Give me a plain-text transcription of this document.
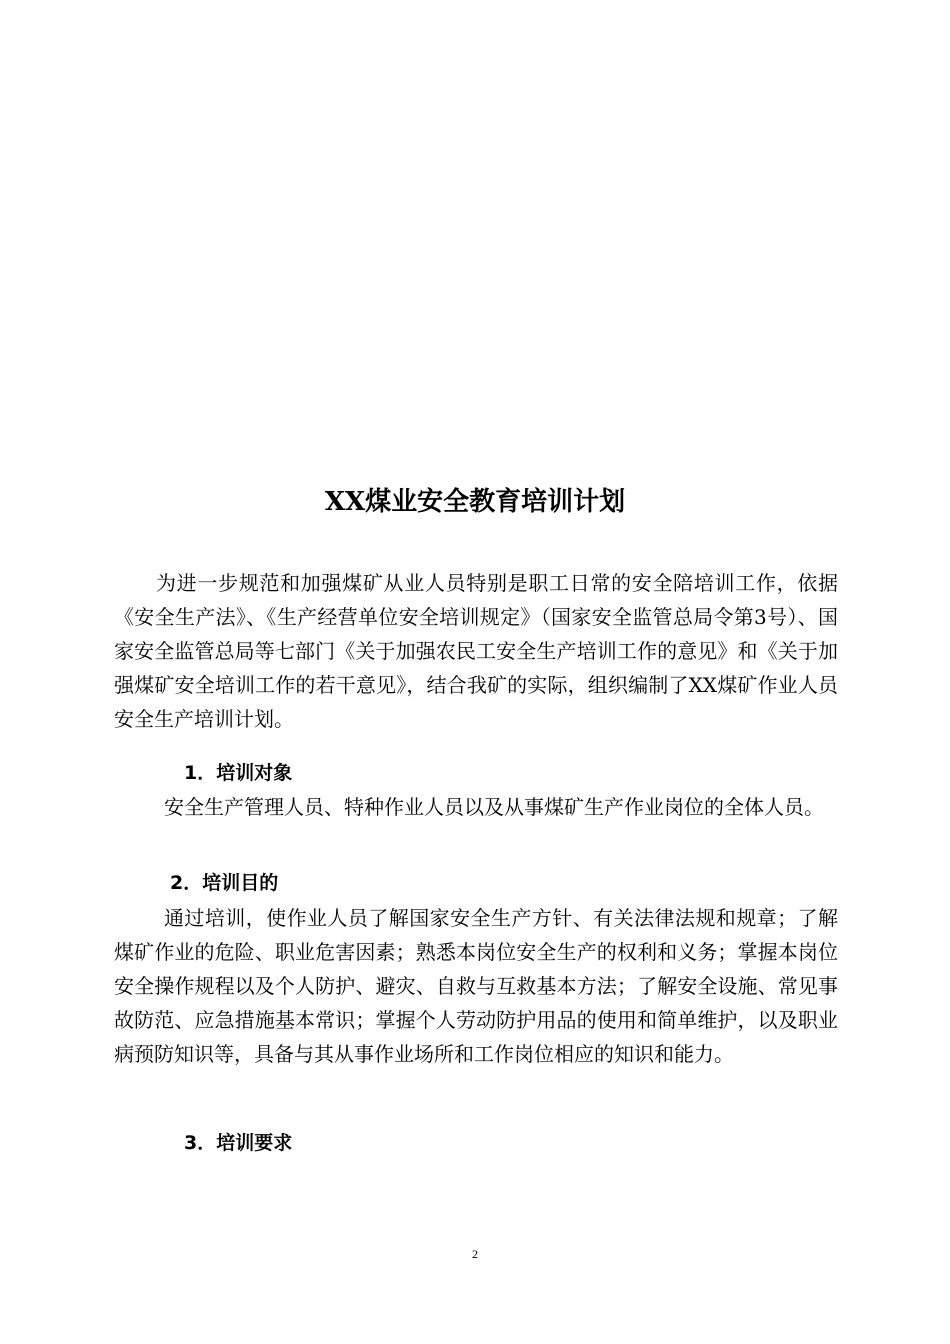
XX煤业安全教育培训计划
为进一步规范和加强煤矿从业人员特别是职工日常的安全陪培训工作，依据《安全生产法》、《生产经营单位安全培训规定》（国家安全监管总局令第3号）、国家安全监管总局等七部门《关于加强农民工安全生产培训工作的意见》和《关于加强煤矿安全培训工作的若干意见》，结合我矿的实际，组织编制了XX煤矿作业人员安全生产培训计划。
1．培训对象
安全生产管理人员、特种作业人员以及从事煤矿生产作业岗位的全体人员。
2．培训目的
通过培训，使作业人员了解国家安全生产方针、有关法律法规和规章；了解煤矿作业的危险、职业危害因素；熟悉本岗位安全生产的权利和义务；掌握本岗位安全操作规程以及个人防护、避灾、自救与互救基本方法；了解安全设施、常见事故防范、应急措施基本常识；掌握个人劳动防护用品的使用和简单维护，以及职业病预防知识等，具备与其从事作业场所和工作岗位相应的知识和能力。
3．培训要求
2
